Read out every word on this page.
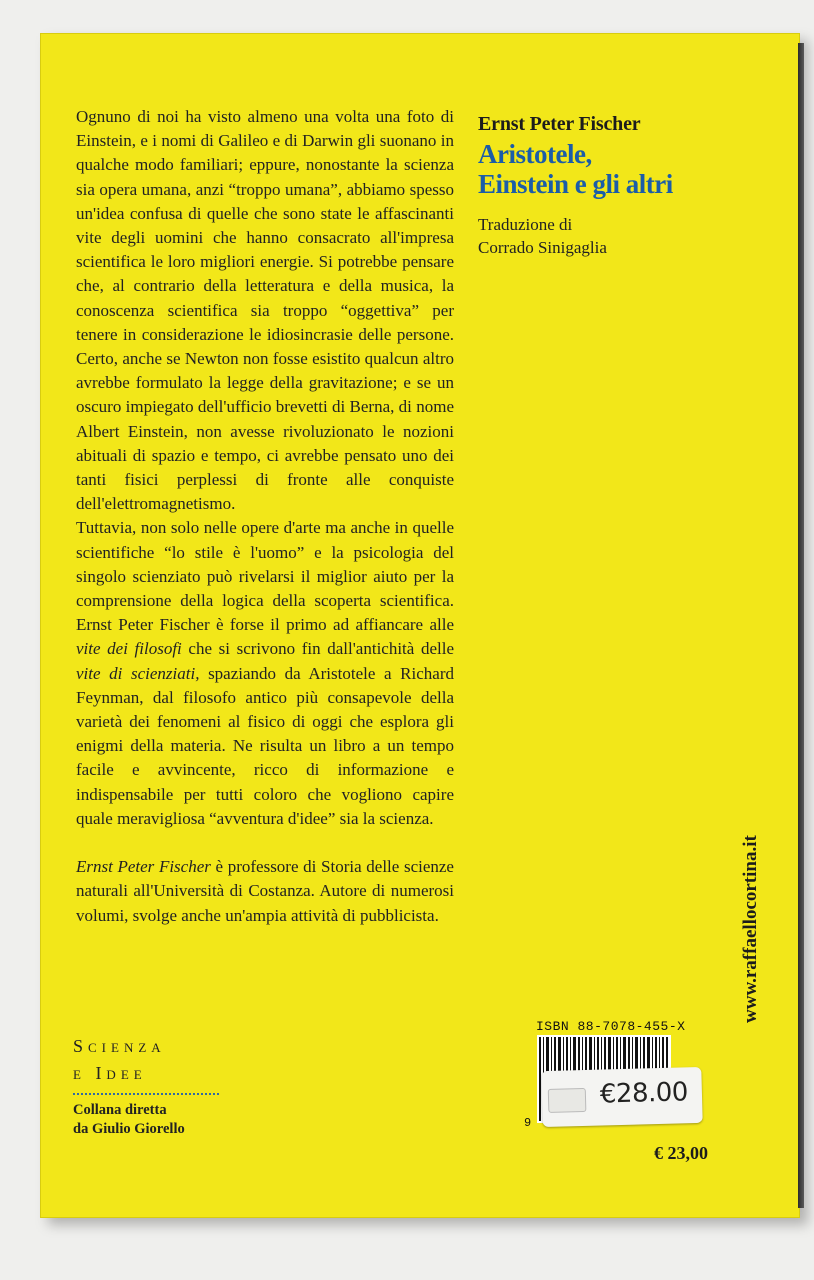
Ognuno di noi ha visto almeno una volta una foto di Einstein, e i nomi di Galileo e di Darwin gli suonano in qualche modo familiari; eppure, nonostante la scienza sia opera umana, anzi “troppo umana”, abbiamo spesso un'idea confusa di quelle che sono state le affascinanti vite degli uomini che hanno consacrato all'impresa scientifica le loro migliori energie. Si potrebbe pensare che, al contrario della letteratura e della musica, la conoscenza scientifica sia troppo “oggettiva” per tenere in considerazione le idiosincrasie delle persone. Certo, anche se Newton non fosse esistito qualcun altro avrebbe formulato la legge della gravitazione; e se un oscuro impiegato dell'ufficio brevetti di Berna, di nome Albert Einstein, non avesse rivoluzionato le nozioni abituali di spazio e tempo, ci avrebbe pensato uno dei tanti fisici perplessi di fronte alle conquiste dell'elettromagnetismo.

Tuttavia, non solo nelle opere d'arte ma anche in quelle scientifiche “lo stile è l'uomo” e la psicologia del singolo scienziato può rivelarsi il miglior aiuto per la comprensione della logica della scoperta scientifica. Ernst Peter Fischer è forse il primo ad affiancare alle vite dei filosofi che si scrivono fin dall'antichità delle vite di scienziati, spaziando da Aristotele a Richard Feynman, dal filosofo antico più consapevole della varietà dei fenomeni al fisico di oggi che esplora gli enigmi della materia. Ne risulta un libro a un tempo facile e avvincente, ricco di informazione e indispensabile per tutti coloro che vogliono capire quale meravigliosa “avventura d'idee” sia la scienza.

Ernst Peter Fischer è professore di Storia delle scienze naturali all'Università di Costanza. Autore di numerosi volumi, svolge anche un'ampia attività di pubblicista.

Ernst Peter Fischer
Aristotele,
Einstein e gli altri
Traduzione di
Corrado Sinigaglia
Scienza
e Idee
Collana diretta
da Giulio Giorello
www.raffaellocortina.it
ISBN 88-7078-455-X
9
€28.00
€ 23,00
